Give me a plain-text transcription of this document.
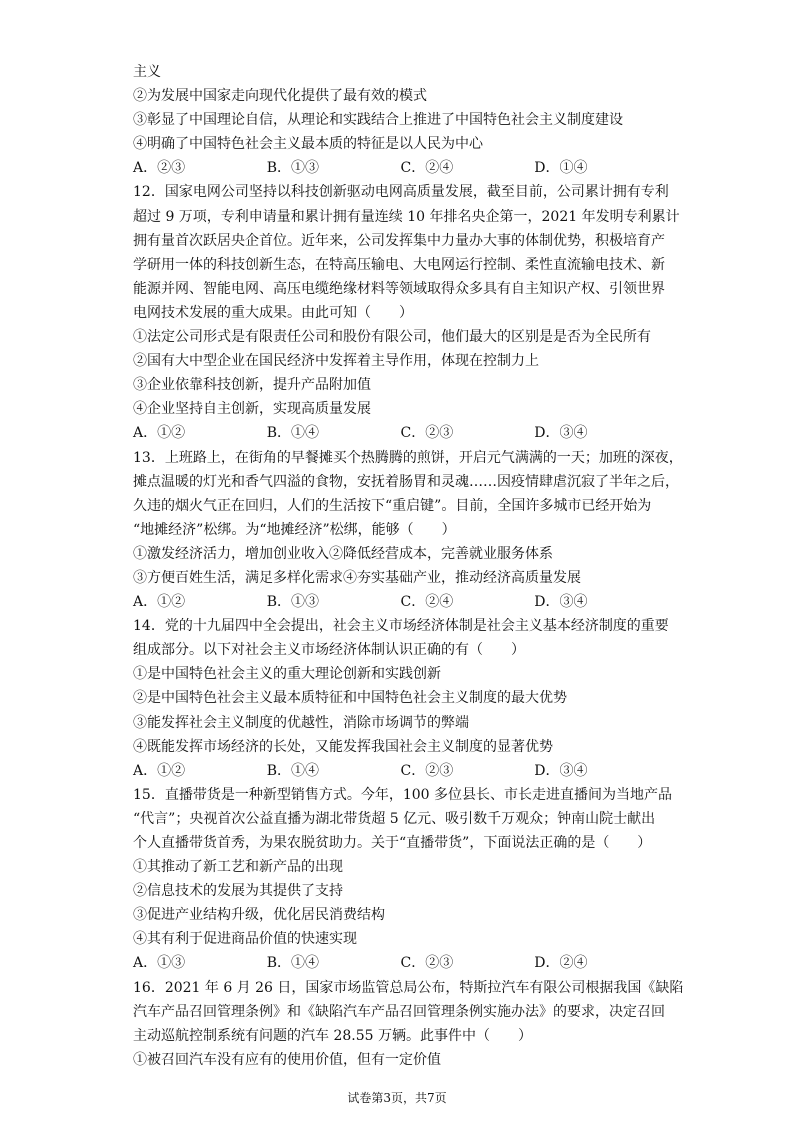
主义
②为发展中国家走向现代化提供了最有效的模式
③彰显了中国理论自信，从理论和实践结合上推进了中国特色社会主义制度建设
④明确了中国特色社会主义最本质的特征是以人民为中心
A．②③	B．①③	C．②④	D．①④
12．国家电网公司坚持以科技创新驱动电网高质量发展，截至目前，公司累计拥有专利
超过 9 万项，专利申请量和累计拥有量连续 10 年排名央企第一，2021 年发明专利累计
拥有量首次跃居央企首位。近年来，公司发挥集中力量办大事的体制优势，积极培育产
学研用一体的科技创新生态，在特高压输电、大电网运行控制、柔性直流输电技术、新
能源并网、智能电网、高压电缆绝缘材料等领域取得众多具有自主知识产权、引领世界
电网技术发展的重大成果。由此可知（　　）
①法定公司形式是有限责任公司和股份有限公司，他们最大的区别是是否为全民所有
②国有大中型企业在国民经济中发挥着主导作用，体现在控制力上
③企业依靠科技创新，提升产品附加值
④企业坚持自主创新，实现高质量发展
A．①②	B．①④	C．②③	D．③④
13．上班路上，在街角的早餐摊买个热腾腾的煎饼，开启元气满满的一天；加班的深夜，
摊点温暖的灯光和香气四溢的食物，安抚着肠胃和灵魂……因疫情肆虐沉寂了半年之后，
久违的烟火气正在回归，人们的生活按下“重启键”。目前，全国许多城市已经开始为
“地摊经济”松绑。为“地摊经济”松绑，能够（　　）
①激发经济活力，增加创业收入②降低经营成本，完善就业服务体系
③方便百姓生活，满足多样化需求④夯实基础产业，推动经济高质量发展
A．①②	B．①③	C．②④	D．③④
14．党的十九届四中全会提出，社会主义市场经济体制是社会主义基本经济制度的重要
组成部分。以下对社会主义市场经济体制认识正确的有（　　）
①是中国特色社会主义的重大理论创新和实践创新
②是中国特色社会主义最本质特征和中国特色社会主义制度的最大优势
③能发挥社会主义制度的优越性，消除市场调节的弊端
④既能发挥市场经济的长处，又能发挥我国社会主义制度的显著优势
A．①②	B．①④	C．②③	D．③④
15．直播带货是一种新型销售方式。今年，100 多位县长、市长走进直播间为当地产品
“代言”；央视首次公益直播为湖北带货超 5 亿元、吸引数千万观众；钟南山院士献出
个人直播带货首秀，为果农脱贫助力。关于“直播带货”，下面说法正确的是（　　）
①其推动了新工艺和新产品的出现
②信息技术的发展为其提供了支持
③促进产业结构升级，优化居民消费结构
④其有利于促进商品价值的快速实现
A．①③	B．①④	C．②③	D．②④
16．2021 年 6 月 26 日，国家市场监管总局公布，特斯拉汽车有限公司根据我国《缺陷
汽车产品召回管理条例》和《缺陷汽车产品召回管理条例实施办法》的要求，决定召回
主动巡航控制系统有问题的汽车 28.55 万辆。此事件中（　　）
①被召回汽车没有应有的使用价值，但有一定价值
试卷第3页，共7页
